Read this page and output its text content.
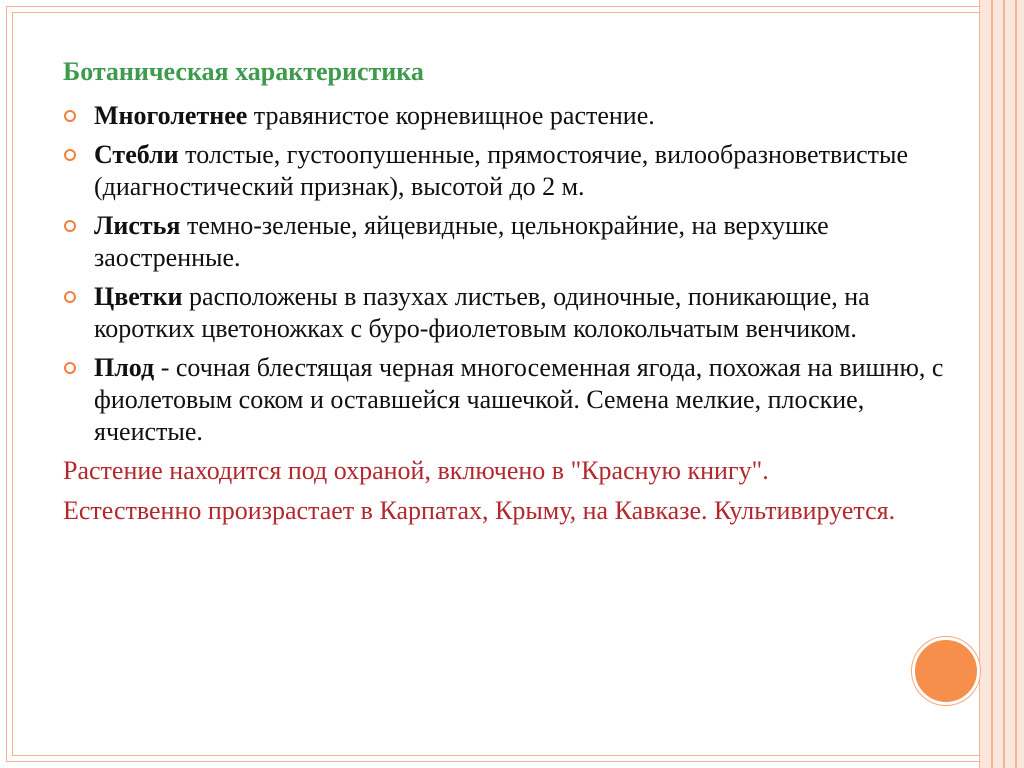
Ботаническая характеристика
Многолетнее травянистое корневищное растение.
Стебли толстые, густоопушенные, прямостоячие, вилообразноветвистые (диагностический признак), высотой до 2 м.
Листья темно-зеленые, яйцевидные, цельнокрайние, на верхушке заостренные.
Цветки расположены в пазухах листьев, одиночные, поникающие, на коротких цветоножках с буро-фиолетовым колокольчатым венчиком.
Плод - сочная блестящая черная многосеменная ягода, похожая на вишню, с фиолетовым соком и оставшейся чашечкой. Семена мелкие, плоские, ячеистые.
Растение находится под охраной, включено в "Красную книгу".
Естественно произрастает в Карпатах, Крыму, на Кавказе. Культивируется.
